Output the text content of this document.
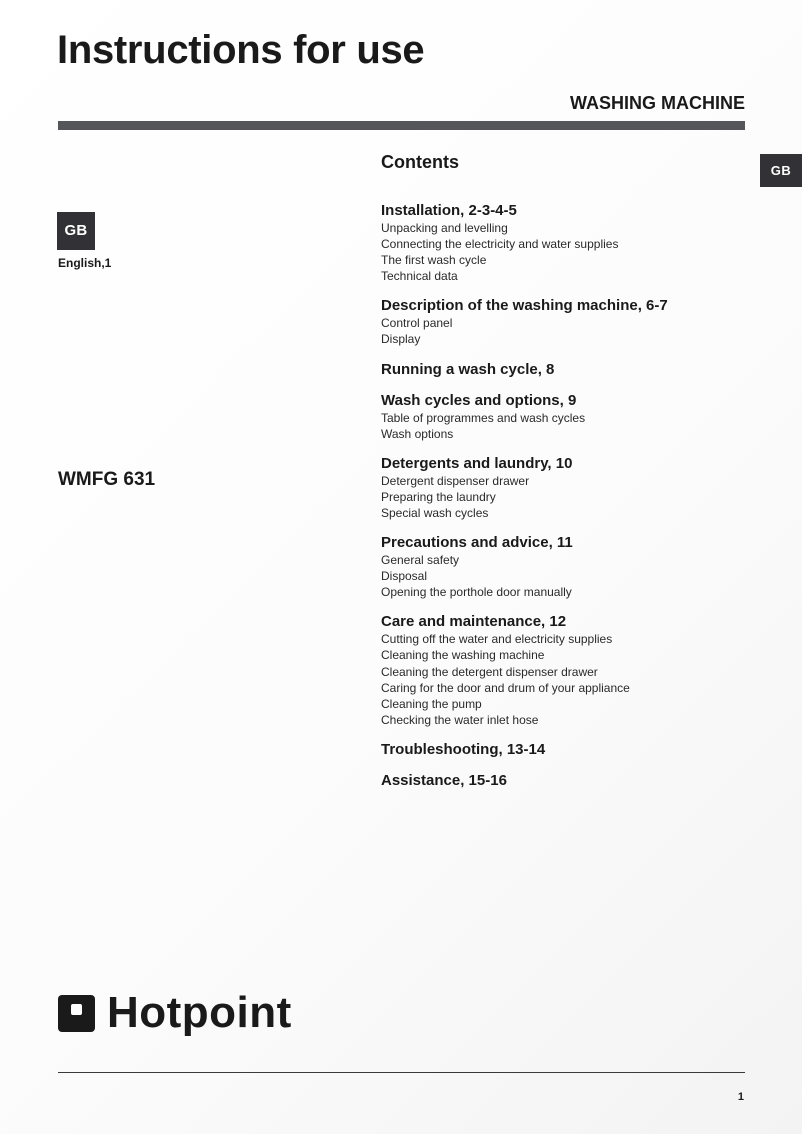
Instructions for use
WASHING MACHINE
GB
GB
English,1
WMFG 631
Contents
Installation, 2-3-4-5
Unpacking and levelling
Connecting the electricity and water supplies
The first wash cycle
Technical data
Description of the washing machine, 6-7
Control panel
Display
Running a wash cycle, 8
Wash cycles and options, 9
Table of programmes and wash cycles
Wash options
Detergents and laundry, 10
Detergent dispenser drawer
Preparing the laundry
Special wash cycles
Precautions and advice, 11
General safety
Disposal
Opening the porthole door manually
Care and maintenance, 12
Cutting off the water and electricity supplies
Cleaning the washing machine
Cleaning the detergent dispenser drawer
Caring for the door and drum of your appliance
Cleaning the pump
Checking the water inlet hose
Troubleshooting, 13-14
Assistance, 15-16
Hotpoint
1
